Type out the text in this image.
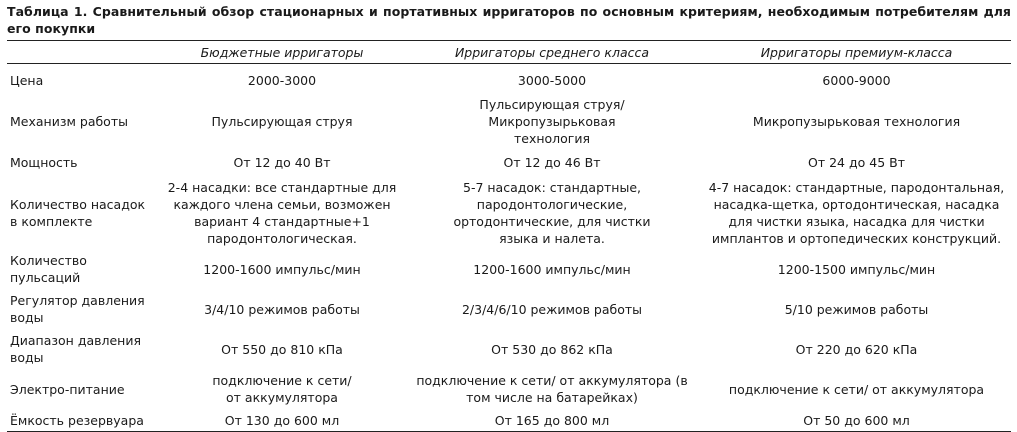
Таблица 1. Сравнительный обзор стационарных и портативных ирригаторов по основным критериям, необходимым потребителям для его покупки
	Бюджетные ирригаторы	Ирригаторы среднего класса	Ирригаторы премиум-класса
Цена	2000-3000	3000-5000	6000-9000
Механизм работы	Пульсирующая струя	Пульсирующая струя/ Микропузырьковая технология	Микропузырьковая технология
Мощность	От 12 до 40 Вт	От 12 до 46 Вт	От 24 до 45 Вт
Количество насадок в комплекте	2-4 насадки: все стандартные для каждого члена семьи, возможен вариант 4 стандартные+1 пародонтологическая.	5-7 насадок: стандартные, пародонтологические, ортодонтические, для чистки языка и налета.	4-7 насадок: стандартные, пародонтальная, насадка-щетка, ортодонтическая, насадка для чистки языка, насадка для чистки имплантов и ортопедических конструкций.
Количество пульсаций	1200-1600 импульс/мин	1200-1600 импульс/мин	1200-1500 импульс/мин
Регулятор давления воды	3/4/10 режимов работы	2/3/4/6/10 режимов работы	5/10 режимов работы
Диапазон давления воды	От 550 до 810 кПа	От 530 до 862 кПа	От 220 до 620 кПа
Электро-питание	подключение к сети/ от аккумулятора	подключение к сети/ от аккумулятора (в том числе на батарейках)	подключение к сети/ от аккумулятора
Ёмкость резервуара	От 130 до 600 мл	От 165 до 800 мл	От 50 до 600 мл
